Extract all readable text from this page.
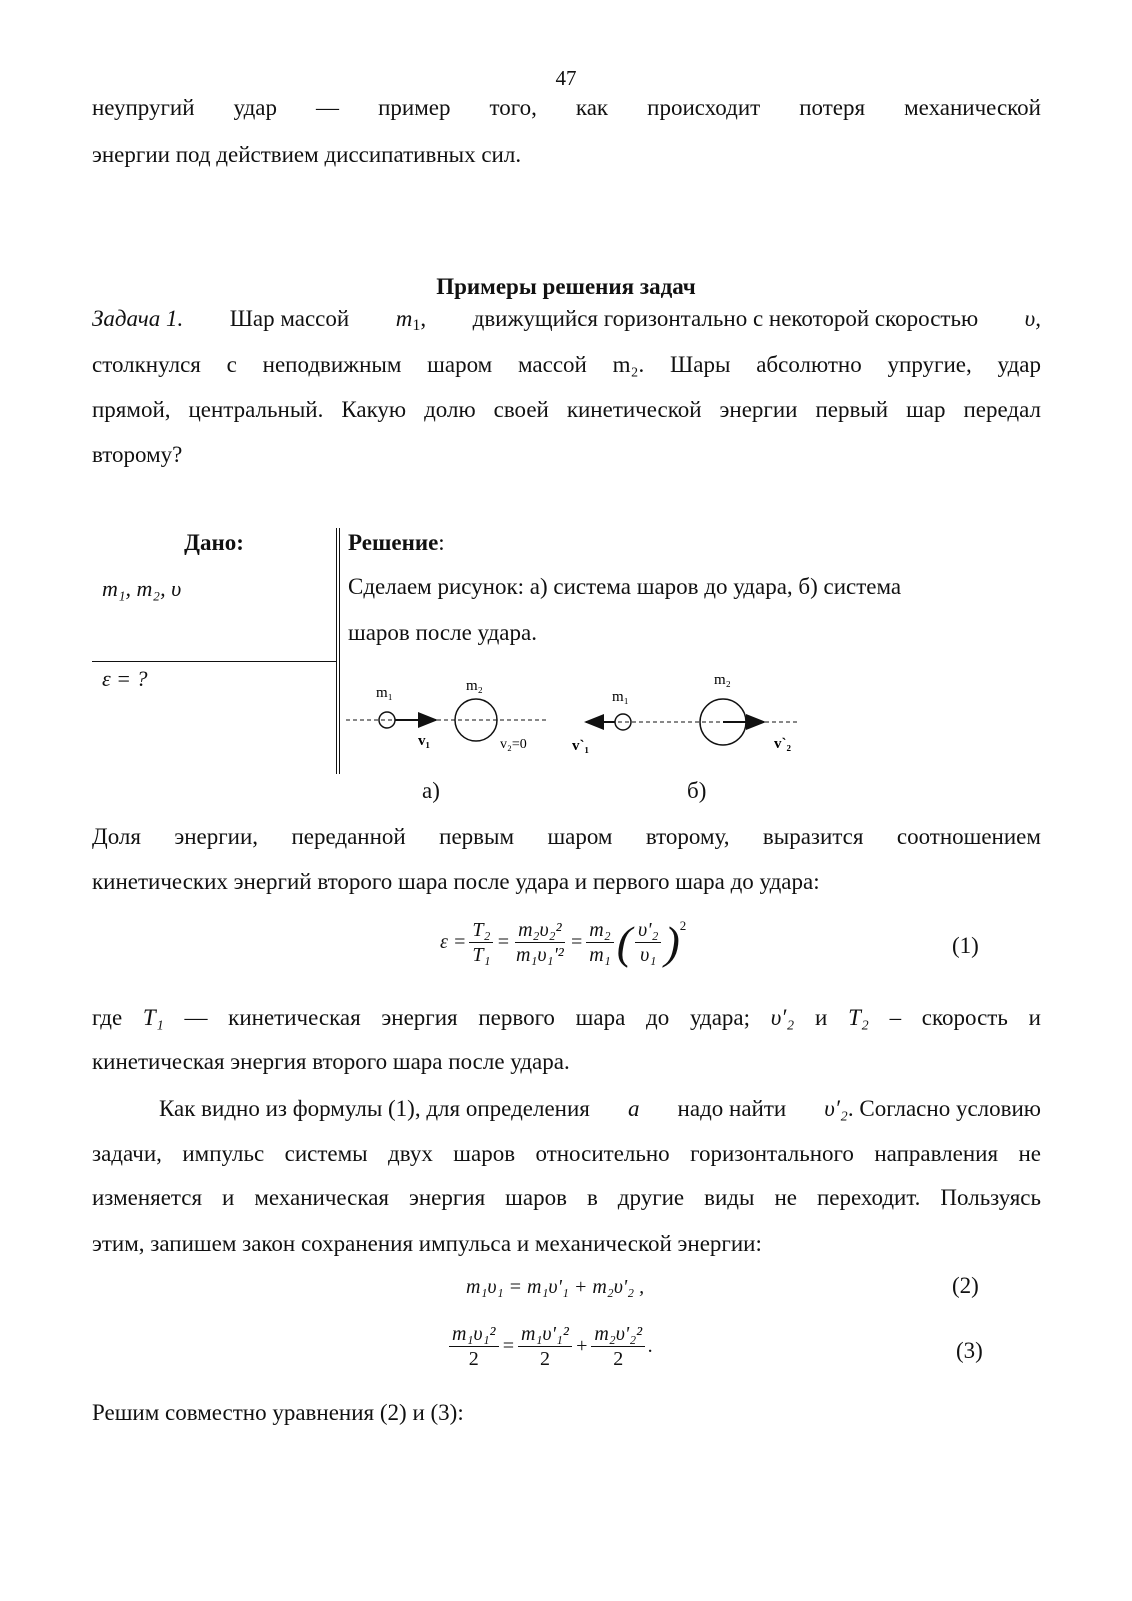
47
неупругий удар — пример того, как происходит потеря механической
энергии под действием диссипативных сил.
Примеры решения задач
Задача 1. Шар массой $m_1$, движущийся горизонтально с некоторой скоростью υ,
столкнулся с неподвижным шаром массой m₂. Шары абсолютно упругие, удар
прямой, центральный. Какую долю своей кинетической энергии первый шар передал
второму?
Дано:
m₁, m₂, υ
ε = ?
Решение:
Сделаем рисунок: а) система шаров до удара, б) система
шаров после удара.
m₁	m₂
v₁	v₂=0
m₁
m₂
v`₁	v`₂
а)	б)
Доля энергии, переданной первым шаром второму, выразится соотношением
кинетических энергий второго шара после удара и первого шара до удара:
$\varepsilon = \frac{\text{T₂}}{\text{T₁}} = \frac{\text{m₂υ₂²}}{\text{m₁υ₁'²}} = \frac{\text{m₂}}{\text{m₁}}$ ( $\frac{\text{υ'₂}}{\text{υ₁}}$ ) 2
(1)
где T₁ — кинетическая энергия первого шара до удара; υ′₂ и T₂ – скорость и
кинетическая энергия второго шара после удара.
Как видно из формулы (1), для определения a надо найти υ′₂. Согласно условию
задачи, импульс системы двух шаров относительно горизонтального направления не
изменяется и механическая энергия шаров в другие виды не переходит. Пользуясь
этим, запишем закон сохранения импульса и механической энергии:
m₁υ₁ = m₁υ'₁ + m₂υ'₂ ,	(2)
$\frac{\text{m₁υ₁²}}{2} = \frac{\text{m₁υ'₁²}}{2} + \frac{\text{m₂υ'₂²}}{2}$ .	(3)
Решим совместно уравнения (2) и (3):
